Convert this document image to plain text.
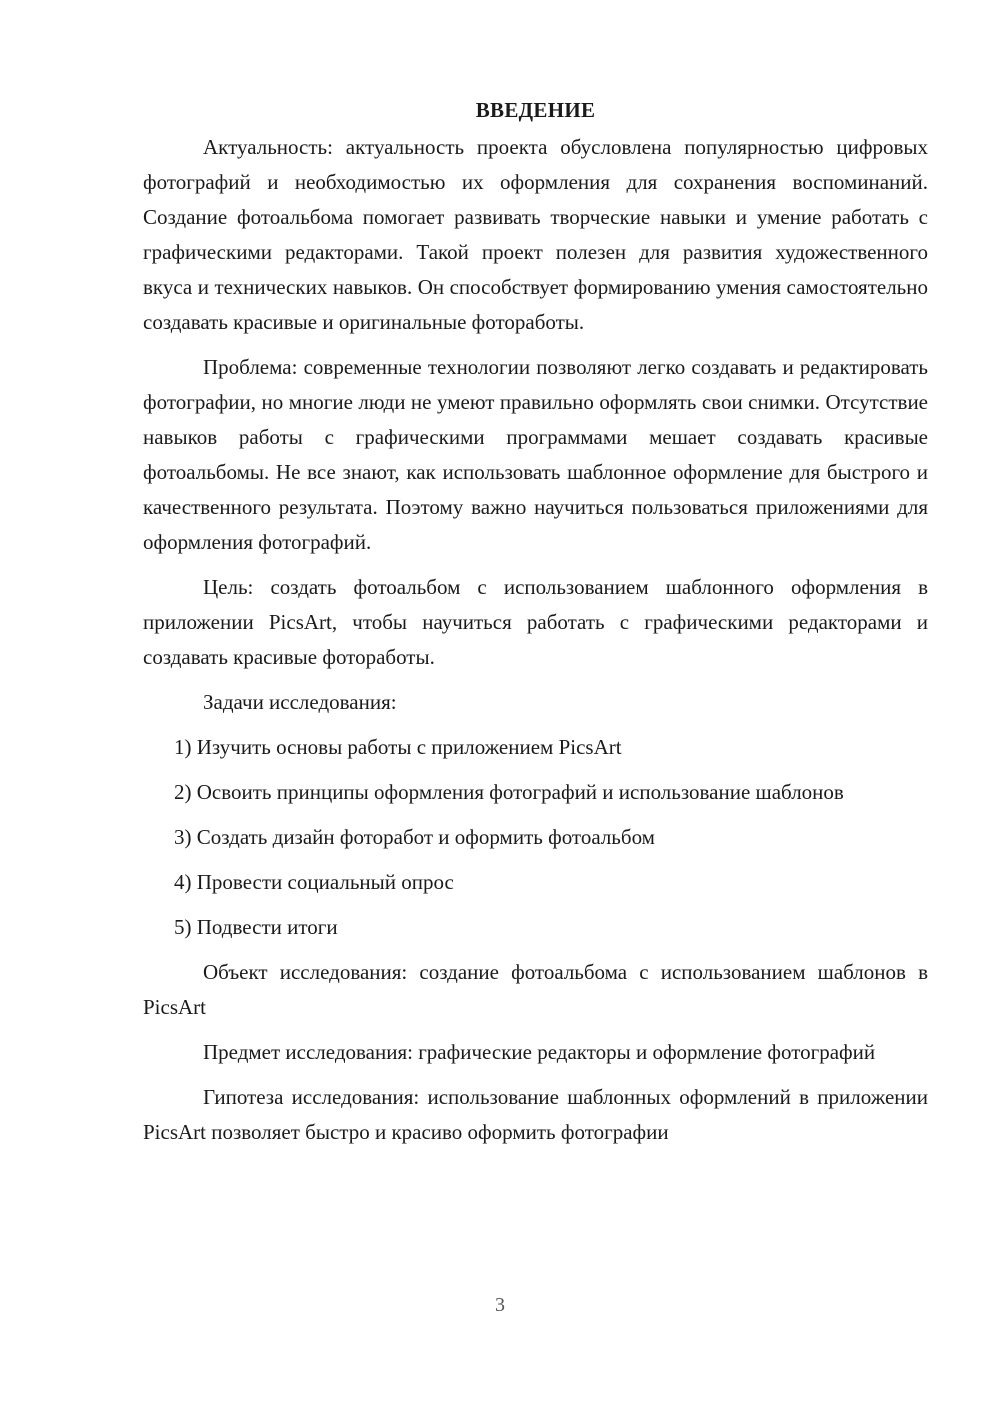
ВВЕДЕНИЕ

Актуальность: актуальность проекта обусловлена популярностью цифровых фотографий и необходимостью их оформления для сохранения воспоминаний. Создание фотоальбома помогает развивать творческие навыки и умение работать с графическими редакторами. Такой проект полезен для развития художественного вкуса и технических навыков. Он способствует формированию умения самостоятельно создавать красивые и оригинальные фотоработы.

Проблема: современные технологии позволяют легко создавать и редактировать фотографии, но многие люди не умеют правильно оформлять свои снимки. Отсутствие навыков работы с графическими программами мешает создавать красивые фотоальбомы. Не все знают, как использовать шаблонное оформление для быстрого и качественного результата. Поэтому важно научиться пользоваться приложениями для оформления фотографий.

Цель: создать фотоальбом с использованием шаблонного оформления в приложении PicsArt, чтобы научиться работать с графическими редакторами и создавать красивые фотоработы.

Задачи исследования:

1) Изучить основы работы с приложением PicsArt

2) Освоить принципы оформления фотографий и использование шаблонов

3) Создать дизайн фоторабот и оформить фотоальбом

4) Провести социальный опрос

5) Подвести итоги

Объект исследования: создание фотоальбома с использованием шаблонов в PicsArt

Предмет исследования: графические редакторы и оформление фотографий

Гипотеза исследования: использование шаблонных оформлений в приложении PicsArt позволяет быстро и красиво оформить фотографии

3
